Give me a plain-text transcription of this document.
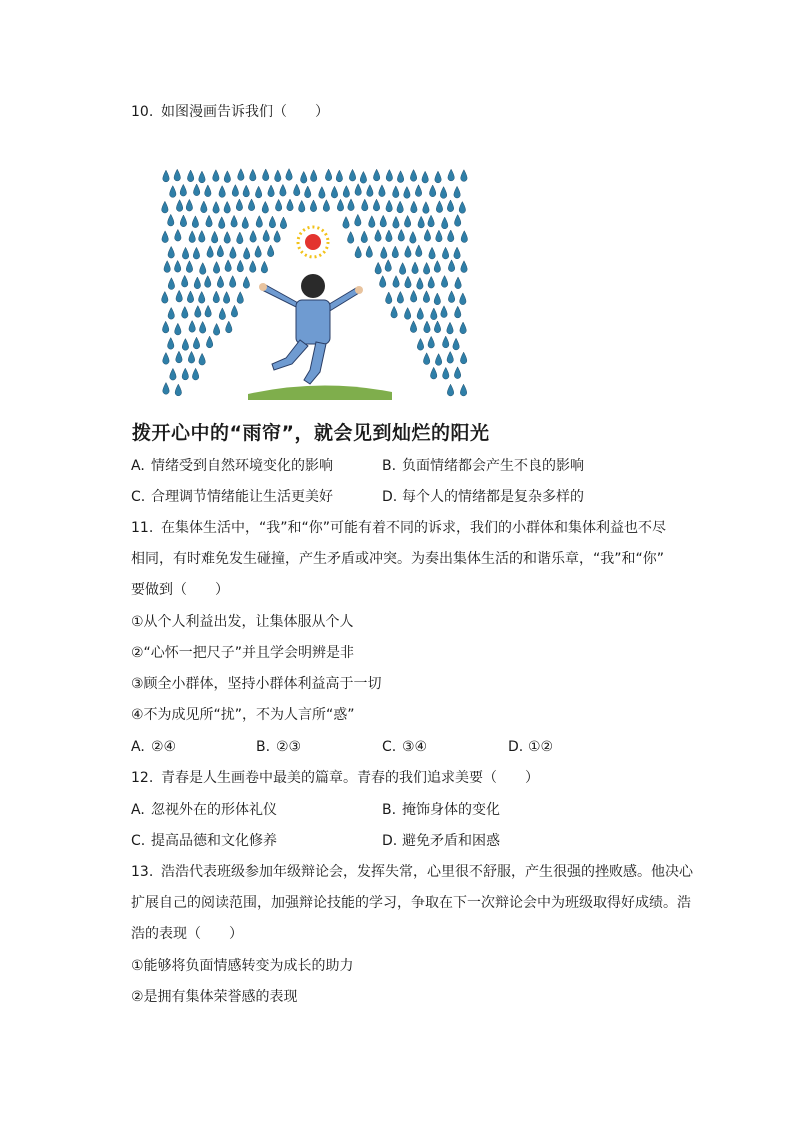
10. 如图漫画告诉我们（　　）
拨开心中的“雨帘”，就会见到灿烂的阳光
A. 情绪受到自然环境变化的影响	B. 负面情绪都会产生不良的影响
C. 合理调节情绪能让生活更美好	D. 每个人的情绪都是复杂多样的
11. 在集体生活中，“我”和“你”可能有着不同的诉求，我们的小群体和集体利益也不尽
相同，有时难免发生碰撞，产生矛盾或冲突。为奏出集体生活的和谐乐章，“我”和“你”
要做到（　　）
①从个人利益出发，让集体服从个人
②“心怀一把尺子”并且学会明辨是非
③顾全小群体，坚持小群体利益高于一切
④不为成见所“扰”，不为人言所“惑”
A. ②④	B. ②③	C. ③④	D. ①②
12. 青春是人生画卷中最美的篇章。青春的我们追求美要（　　）
A. 忽视外在的形体礼仪	B. 掩饰身体的变化
C. 提高品德和文化修养	D. 避免矛盾和困惑
13. 浩浩代表班级参加年级辩论会，发挥失常，心里很不舒服，产生很强的挫败感。他决心
扩展自己的阅读范围，加强辩论技能的学习，争取在下一次辩论会中为班级取得好成绩。浩
浩的表现（　　）
①能够将负面情感转变为成长的助力
②是拥有集体荣誉感的表现
